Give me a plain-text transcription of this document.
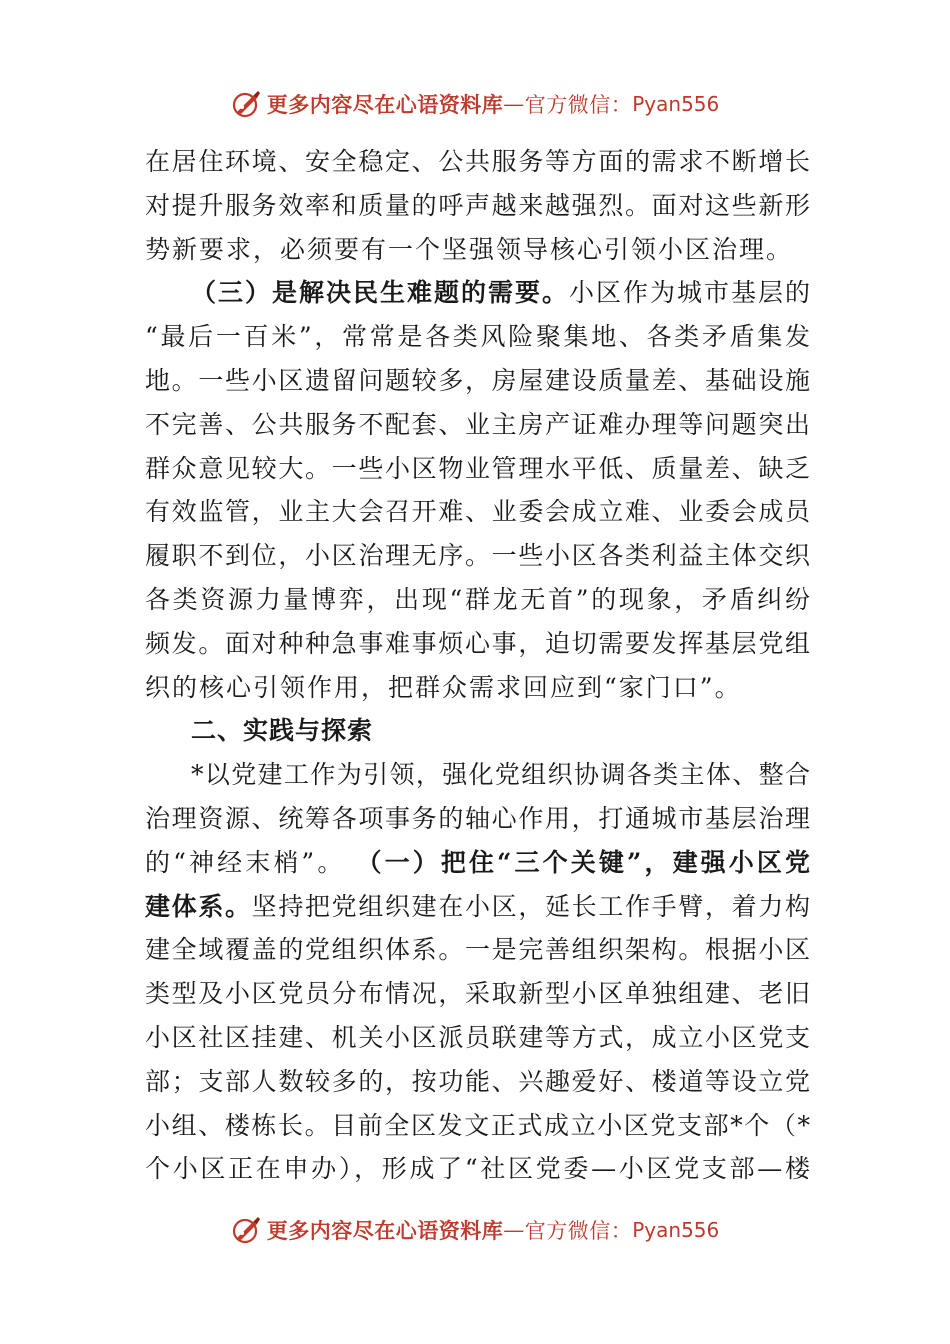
更多内容尽在心语资料库 — 官方微信： Pyan556
在居住环境、安全稳定、公共服务等方面的需求不断增长
对提升服务效率和质量的呼声越来越强烈。面对这些新形
势新要求，必须要有一个坚强领导核心引领小区治理。
（三）是解决民生难题的需要。小区作为城市基层的
“最后一百米”，常常是各类风险聚集地、各类矛盾集发
地。一些小区遗留问题较多，房屋建设质量差、基础设施
不完善、公共服务不配套、业主房产证难办理等问题突出
群众意见较大。一些小区物业管理水平低、质量差、缺乏
有效监管，业主大会召开难、业委会成立难、业委会成员
履职不到位，小区治理无序。一些小区各类利益主体交织
各类资源力量博弈，出现“群龙无首”的现象，矛盾纠纷
频发。面对种种急事难事烦心事，迫切需要发挥基层党组
织的核心引领作用，把群众需求回应到“家门口”。
二、实践与探索
*以党建工作为引领，强化党组织协调各类主体、整合
治理资源、统筹各项事务的轴心作用，打通城市基层治理
的“神经末梢”。 （一）把住“三个关键”，建强小区党
建体系。坚持把党组织建在小区，延长工作手臂，着力构
建全域覆盖的党组织体系。一是完善组织架构。根据小区
类型及小区党员分布情况，采取新型小区单独组建、老旧
小区社区挂建、机关小区派员联建等方式，成立小区党支
部；支部人数较多的，按功能、兴趣爱好、楼道等设立党
小组、楼栋长。目前全区发文正式成立小区党支部*个（*
个小区正在申办），形成了“社区党委—小区党支部—楼
更多内容尽在心语资料库 — 官方微信： Pyan556
